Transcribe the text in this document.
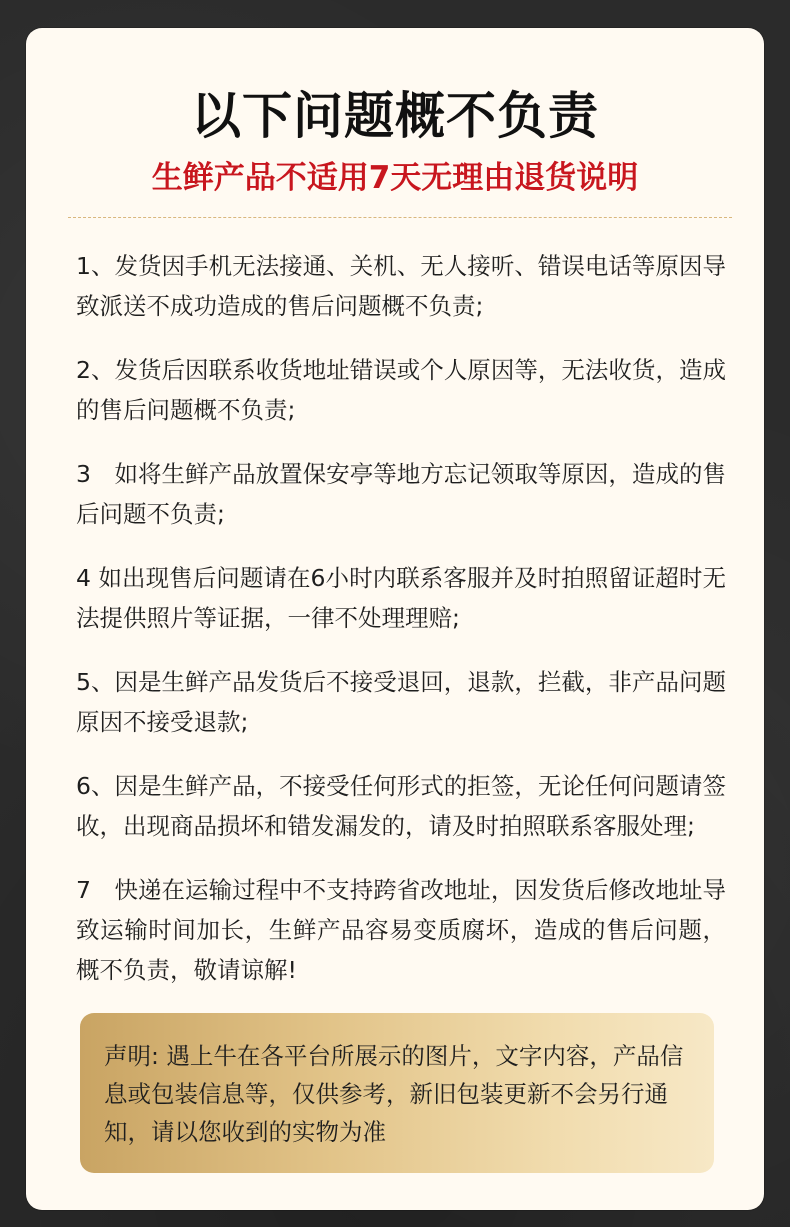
以下问题概不负责
生鲜产品不适用7天无理由退货说明
1、发货因手机无法接通、关机、无人接听、错误电话等原因导致派送不成功造成的售后问题概不负责;
2、发货后因联系收货地址错误或个人原因等，无法收货，造成的售后问题概不负责;
3　如将生鲜产品放置保安亭等地方忘记领取等原因，造成的售后问题不负责;
4 如出现售后问题请在6小时内联系客服并及时拍照留证超时无法提供照片等证据，一律不处理理赔;
5、因是生鲜产品发货后不接受退回，退款，拦截，非产品问题原因不接受退款;
6、因是生鲜产品，不接受任何形式的拒签，无论任何问题请签收，出现商品损坏和错发漏发的，请及时拍照联系客服处理;
7　快递在运输过程中不支持跨省改地址，因发货后修改地址导致运输时间加长，生鲜产品容易变质腐坏，造成的售后问题，概不负责，敬请谅解!
声明: 遇上牛在各平台所展示的图片，文字内容，产品信息或包装信息等，仅供参考，新旧包装更新不会另行通知，请以您收到的实物为准
